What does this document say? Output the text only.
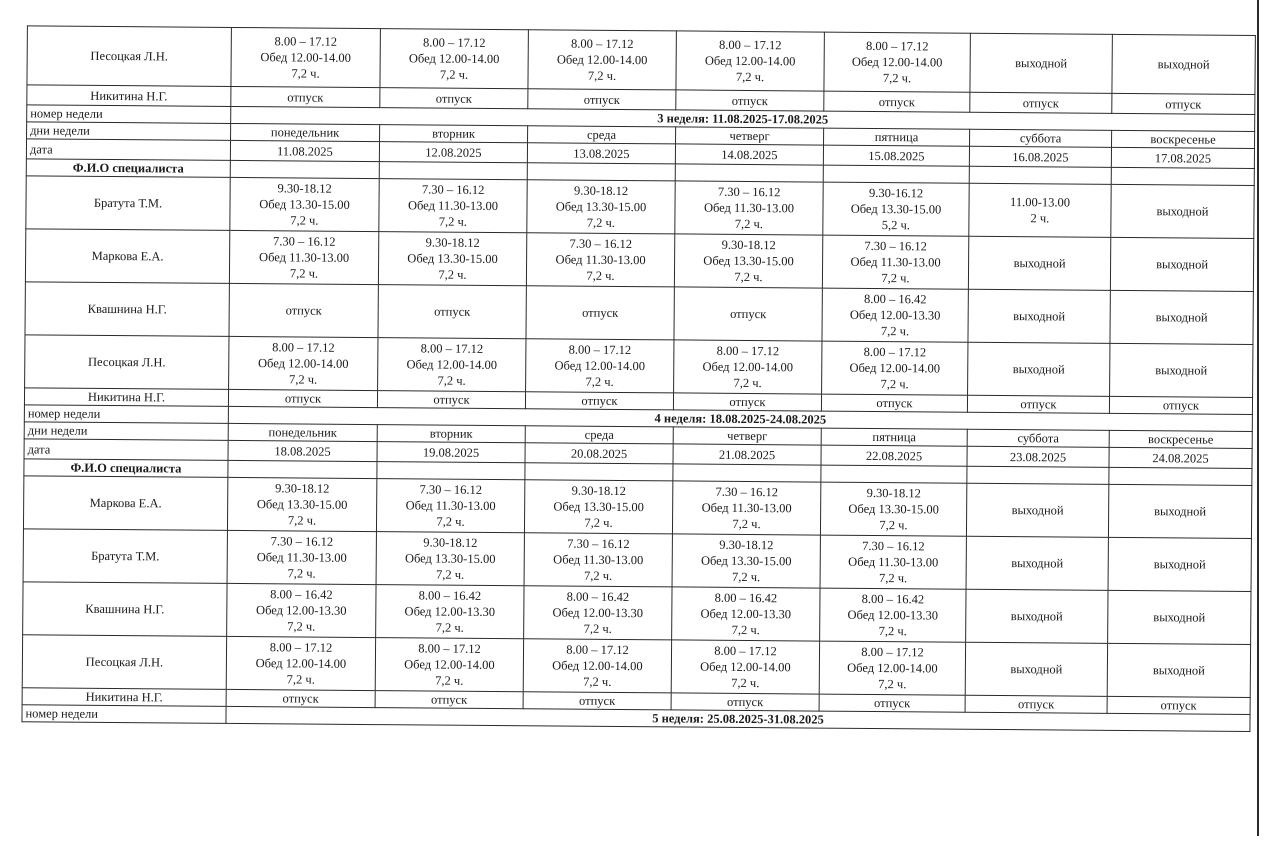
Песоцкая Л.Н.	8.00 – 17.12
Обед 12.00-14.00
7,2 ч.	8.00 – 17.12
Обед 12.00-14.00
7,2 ч.	8.00 – 17.12
Обед 12.00-14.00
7,2 ч.	8.00 – 17.12
Обед 12.00-14.00
7,2 ч.	8.00 – 17.12
Обед 12.00-14.00
7,2 ч.	выходной	выходной

Никитина Н.Г.	отпуск	отпуск	отпуск	отпуск	отпуск	отпуск	отпуск

номер недели	3 неделя: 11.08.2025-17.08.2025						
дни недели	понедельник	вторник	среда	четверг	пятница	суббота	воскресенье
дата	11.08.2025	12.08.2025	13.08.2025	14.08.2025	15.08.2025	16.08.2025	17.08.2025
Ф.И.О специалиста							
Братута Т.М.	9.30-18.12
Обед 13.30-15.00
7,2 ч.	7.30 – 16.12
Обед 11.30-13.00
7,2 ч.	9.30-18.12
Обед 13.30-15.00
7,2 ч.	7.30 – 16.12
Обед 11.30-13.00
7,2 ч.	9.30-16.12
Обед 13.30-15.00
5,2 ч.	11.00-13.00
2 ч.	выходной

Маркова Е.А.	7.30 – 16.12
Обед 11.30-13.00
7,2 ч.	9.30-18.12
Обед 13.30-15.00
7,2 ч.	7.30 – 16.12
Обед 11.30-13.00
7,2 ч.	9.30-18.12
Обед 13.30-15.00
7,2 ч.	7.30 – 16.12
Обед 11.30-13.00
7,2 ч.	выходной	выходной

Квашнина Н.Г.	отпуск	отпуск	отпуск	отпуск	8.00 – 16.42
Обед 12.00-13.30
7,2 ч.	выходной	выходной

Песоцкая Л.Н.	8.00 – 17.12
Обед 12.00-14.00
7,2 ч.	8.00 – 17.12
Обед 12.00-14.00
7,2 ч.	8.00 – 17.12
Обед 12.00-14.00
7,2 ч.	8.00 – 17.12
Обед 12.00-14.00
7,2 ч.	8.00 – 17.12
Обед 12.00-14.00
7,2 ч.	выходной	выходной

Никитина Н.Г.	отпуск	отпуск	отпуск	отпуск	отпуск	отпуск	отпуск

номер недели	4 неделя: 18.08.2025-24.08.2025						
дни недели	понедельник	вторник	среда	четверг	пятница	суббота	воскресенье
дата	18.08.2025	19.08.2025	20.08.2025	21.08.2025	22.08.2025	23.08.2025	24.08.2025
Ф.И.О специалиста							
Маркова Е.А.	9.30-18.12
Обед 13.30-15.00
7,2 ч.	7.30 – 16.12
Обед 11.30-13.00
7,2 ч.	9.30-18.12
Обед 13.30-15.00
7,2 ч.	7.30 – 16.12
Обед 11.30-13.00
7,2 ч.	9.30-18.12
Обед 13.30-15.00
7,2 ч.	выходной	выходной

Братута Т.М.	7.30 – 16.12
Обед 11.30-13.00
7,2 ч.	9.30-18.12
Обед 13.30-15.00
7,2 ч.	7.30 – 16.12
Обед 11.30-13.00
7,2 ч.	9.30-18.12
Обед 13.30-15.00
7,2 ч.	7.30 – 16.12
Обед 11.30-13.00
7,2 ч.	выходной	выходной

Квашнина Н.Г.	8.00 – 16.42
Обед 12.00-13.30
7,2 ч.	8.00 – 16.42
Обед 12.00-13.30
7,2 ч.	8.00 – 16.42
Обед 12.00-13.30
7,2 ч.	8.00 – 16.42
Обед 12.00-13.30
7,2 ч.	8.00 – 16.42
Обед 12.00-13.30
7,2 ч.	выходной	выходной

Песоцкая Л.Н.	8.00 – 17.12
Обед 12.00-14.00
7,2 ч.	8.00 – 17.12
Обед 12.00-14.00
7,2 ч.	8.00 – 17.12
Обед 12.00-14.00
7,2 ч.	8.00 – 17.12
Обед 12.00-14.00
7,2 ч.	8.00 – 17.12
Обед 12.00-14.00
7,2 ч.	выходной	выходной

Никитина Н.Г.	отпуск	отпуск	отпуск	отпуск	отпуск	отпуск	отпуск

номер недели	5 неделя: 25.08.2025-31.08.2025						
